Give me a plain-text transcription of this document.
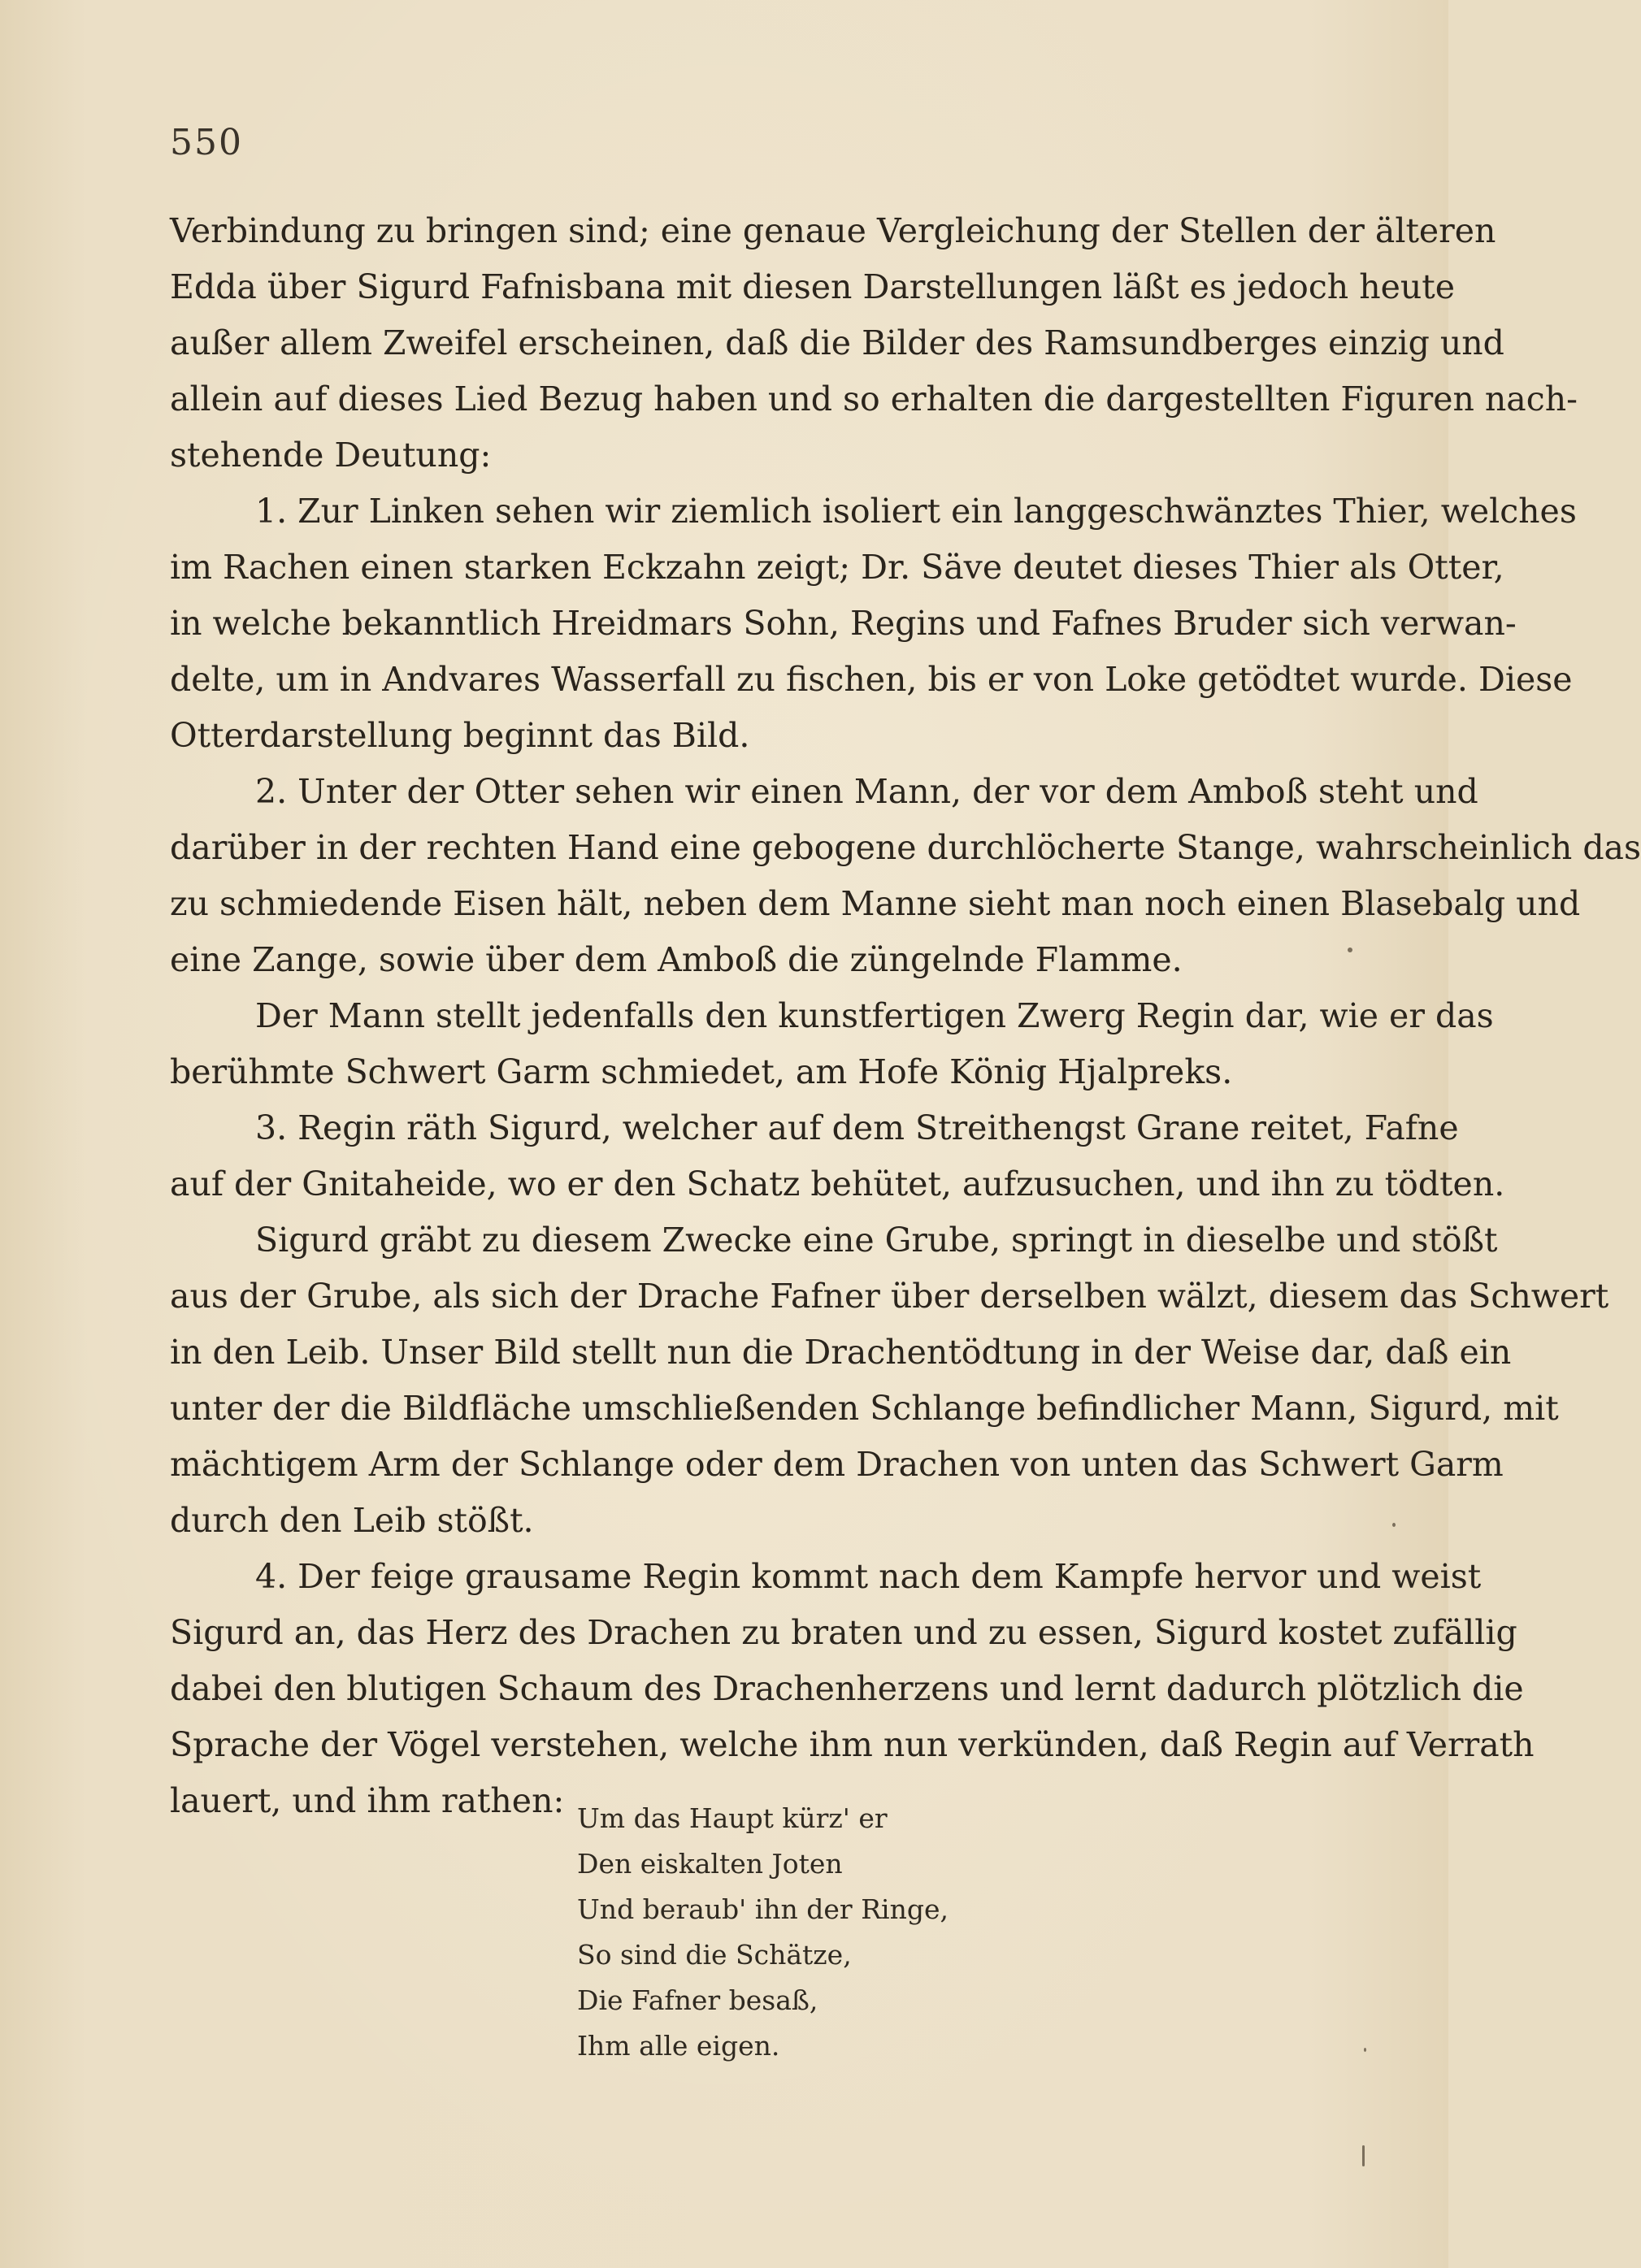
550

Verbindung zu bringen sind; eine genaue Vergleichung der Stellen der älteren
Edda über Sigurd Fafnisbana mit diesen Darstellungen läßt es jedoch heute
außer allem Zweifel erscheinen, daß die Bilder des Ramsundberges einzig und
allein auf dieses Lied Bezug haben und so erhalten die dargestellten Figuren nach-
stehende Deutung:

1. Zur Linken sehen wir ziemlich isoliert ein langgeschwänztes Thier, welches
im Rachen einen starken Eckzahn zeigt; Dr. Säve deutet dieses Thier als Otter,
in welche bekanntlich Hreidmars Sohn, Regins und Fafnes Bruder sich verwan-
delte, um in Andvares Wasserfall zu fischen, bis er von Loke getödtet wurde. Diese
Otterdarstellung beginnt das Bild.

2. Unter der Otter sehen wir einen Mann, der vor dem Amboß steht und
darüber in der rechten Hand eine gebogene durchlöcherte Stange, wahrscheinlich das
zu schmiedende Eisen hält, neben dem Manne sieht man noch einen Blasebalg und
eine Zange, sowie über dem Amboß die züngelnde Flamme.

Der Mann stellt jedenfalls den kunstfertigen Zwerg Regin dar, wie er das
berühmte Schwert Garm schmiedet, am Hofe König Hjalpreks.

3. Regin räth Sigurd, welcher auf dem Streithengst Grane reitet, Fafne
auf der Gnitaheide, wo er den Schatz behütet, aufzusuchen, und ihn zu tödten.

Sigurd gräbt zu diesem Zwecke eine Grube, springt in dieselbe und stößt
aus der Grube, als sich der Drache Fafner über derselben wälzt, diesem das Schwert
in den Leib. Unser Bild stellt nun die Drachentödtung in der Weise dar, daß ein
unter der die Bildfläche umschließenden Schlange befindlicher Mann, Sigurd, mit
mächtigem Arm der Schlange oder dem Drachen von unten das Schwert Garm
durch den Leib stößt.

4. Der feige grausame Regin kommt nach dem Kampfe hervor und weist
Sigurd an, das Herz des Drachen zu braten und zu essen, Sigurd kostet zufällig
dabei den blutigen Schaum des Drachenherzens und lernt dadurch plötzlich die
Sprache der Vögel verstehen, welche ihm nun verkünden, daß Regin auf Verrath
lauert, und ihm rathen: Um das Haupt kürz' er
Den eiskalten Joten
Und beraub' ihn der Ringe,
So sind die Schätze,
Die Fafner besaß,
Ihm alle eigen.
